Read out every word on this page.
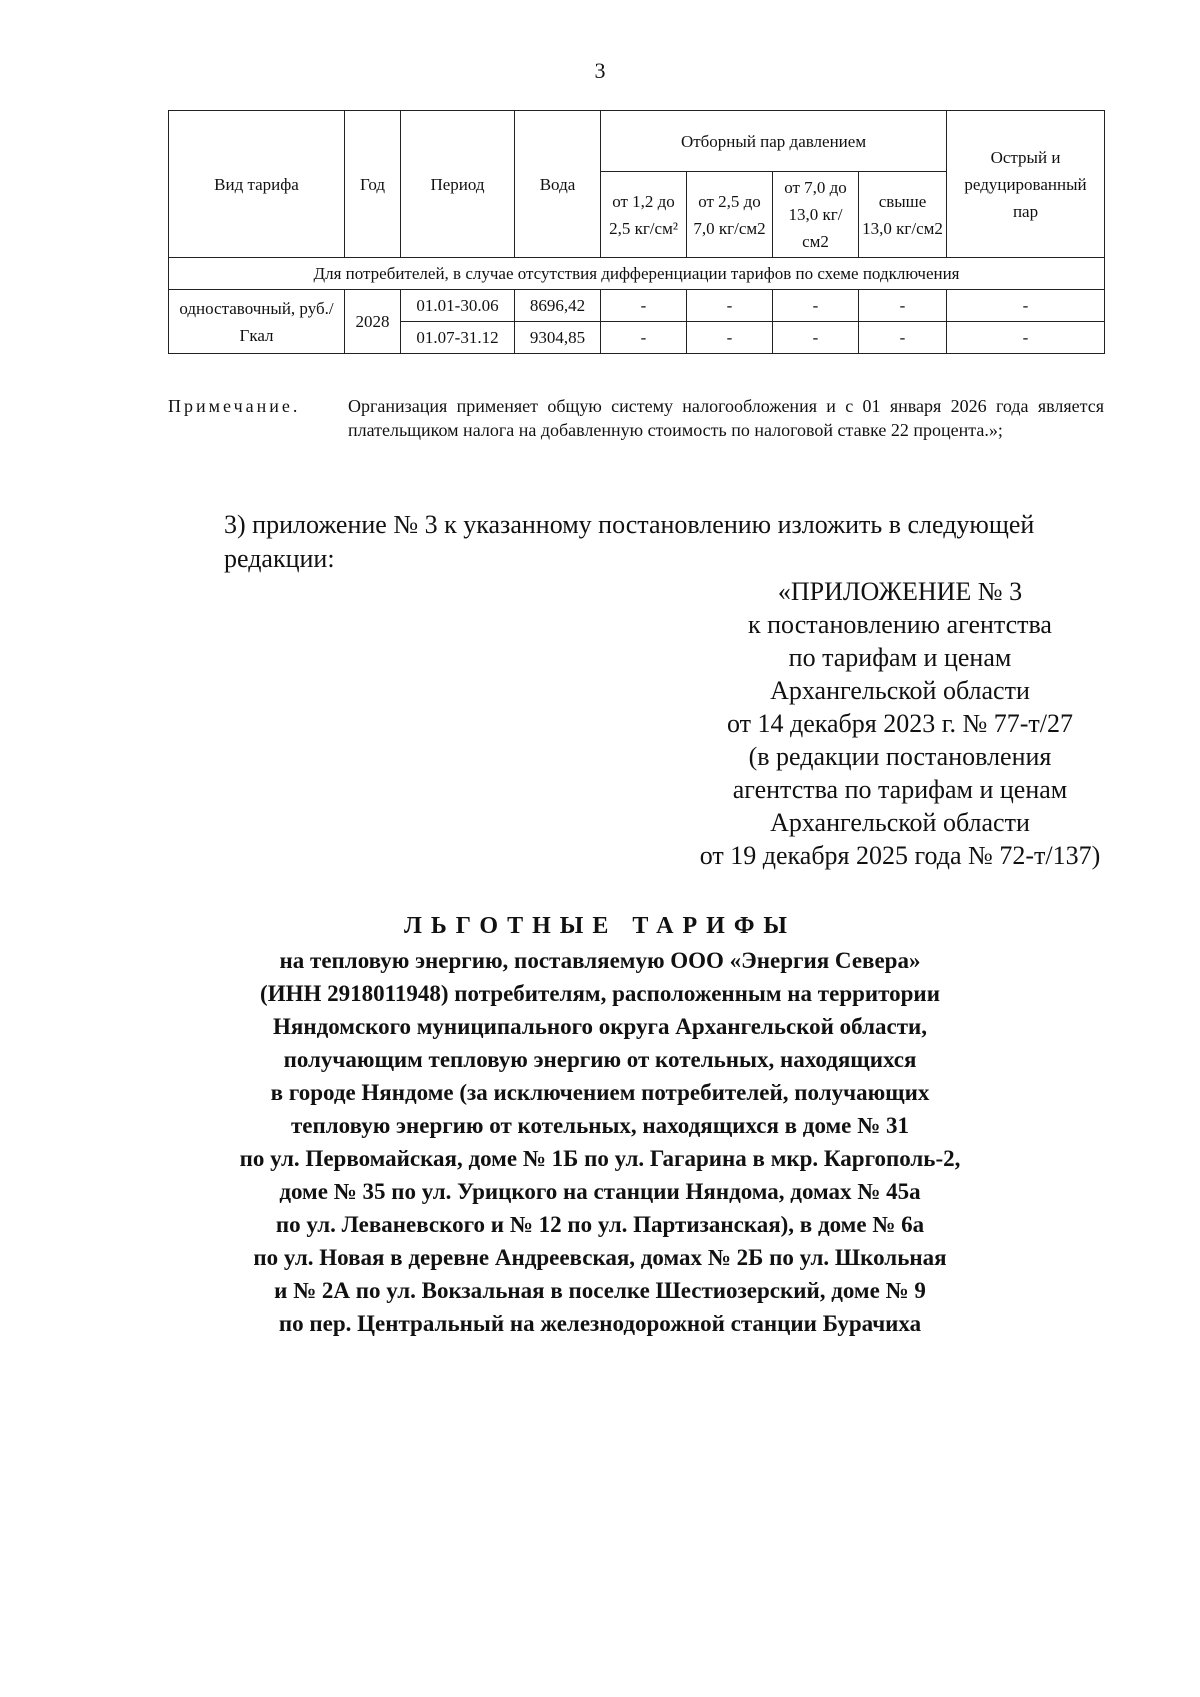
3
Вид тарифа	Год	Период	Вода	Отборный пар давлением				Острый и редуцированный пар
				от 1,2 до 2,5 кг/см²	от 2,5 до 7,0 кг/см2	от 7,0 до 13,0 кг/см2	свыше 13,0 кг/см2	
Для потребителей, в случае отсутствия дифференциации тарифов по схеме подключения								
одноставочный, руб./Гкал	2028	01.01-30.06	8696,42	-	-	-	-	-
		01.07-31.12	9304,85	-	-	-	-	-
Примечание.	Организация применяет общую систему налогообложения и с 01 января 2026 года является плательщиком налога на добавленную стоимость по налоговой ставке 22 процента.»;
3) приложение № 3 к указанному постановлению изложить в следующей редакции:
«ПРИЛОЖЕНИЕ № 3
к постановлению агентства
по тарифам и ценам
Архангельской области
от 14 декабря 2023 г. № 77-т/27
(в редакции постановления
агентства по тарифам и ценам
Архангельской области
от 19 декабря 2025 года № 72-т/137)
ЛЬГОТНЫЕ ТАРИФЫ
на тепловую энергию, поставляемую ООО «Энергия Севера»
(ИНН 2918011948) потребителям, расположенным на территории
Няндомского муниципального округа Архангельской области,
получающим тепловую энергию от котельных, находящихся
в городе Няндоме (за исключением потребителей, получающих
тепловую энергию от котельных, находящихся в доме № 31
по ул. Первомайская, доме № 1Б по ул. Гагарина в мкр. Каргополь-2,
доме № 35 по ул. Урицкого на станции Няндома, домах № 45а
по ул. Леваневского и № 12 по ул. Партизанская), в доме № 6а
по ул. Новая в деревне Андреевская, домах № 2Б по ул. Школьная
и № 2А по ул. Вокзальная в поселке Шестиозерский, доме № 9
по пер. Центральный на железнодорожной станции Бурачиха
